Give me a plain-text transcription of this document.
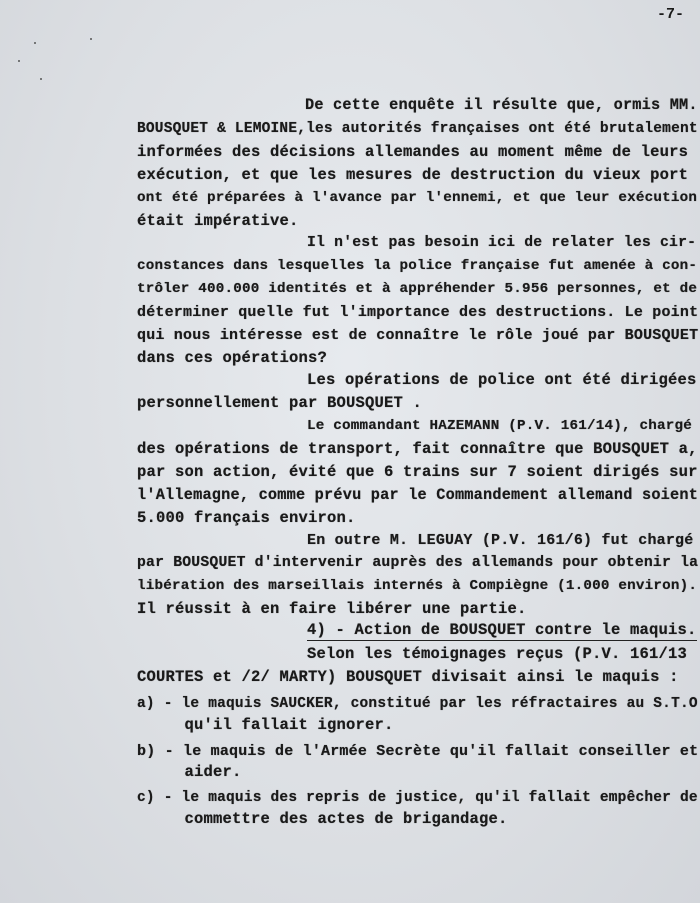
-7-
De cette enquête il résulte que, ormis MM.
BOUSQUET & LEMOINE,les autorités françaises ont été brutalement
informées des décisions allemandes au moment même de leurs
exécution, et que les mesures de destruction du vieux port
ont été préparées à l'avance par l'ennemi, et que leur exécution
était impérative.
Il n'est pas besoin ici de relater les cir-
constances dans lesquelles la police française fut amenée à con-
trôler 400.000 identités et à appréhender 5.956 personnes, et de
déterminer quelle fut l'importance des destructions. Le point
qui nous intéresse est de connaître le rôle joué par BOUSQUET
dans ces opérations?
Les opérations de police ont été dirigées
personnellement par BOUSQUET .
Le commandant HAZEMANN (P.V. 161/14), chargé
des opérations de transport, fait connaître que BOUSQUET a,
par son action, évité que 6 trains sur 7 soient dirigés sur
l'Allemagne, comme prévu par le Commandement allemand soient
5.000 français environ.
En outre M. LEGUAY (P.V. 161/6) fut chargé
par BOUSQUET d'intervenir auprès des allemands pour obtenir la
libération des marseillais internés à Compiègne (1.000 environ).
Il réussit à en faire libérer une partie.
4) - Action de BOUSQUET contre le maquis.
Selon les témoignages reçus (P.V. 161/13
COURTES et /2/ MARTY) BOUSQUET divisait ainsi le maquis :
a) - le maquis SAUCKER, constitué par les réfractaires au S.T.O
qu'il fallait ignorer.
b) - le maquis de l'Armée Secrète qu'il fallait conseiller et
aider.
c) - le maquis des repris de justice, qu'il fallait empêcher de
commettre des actes de brigandage.
